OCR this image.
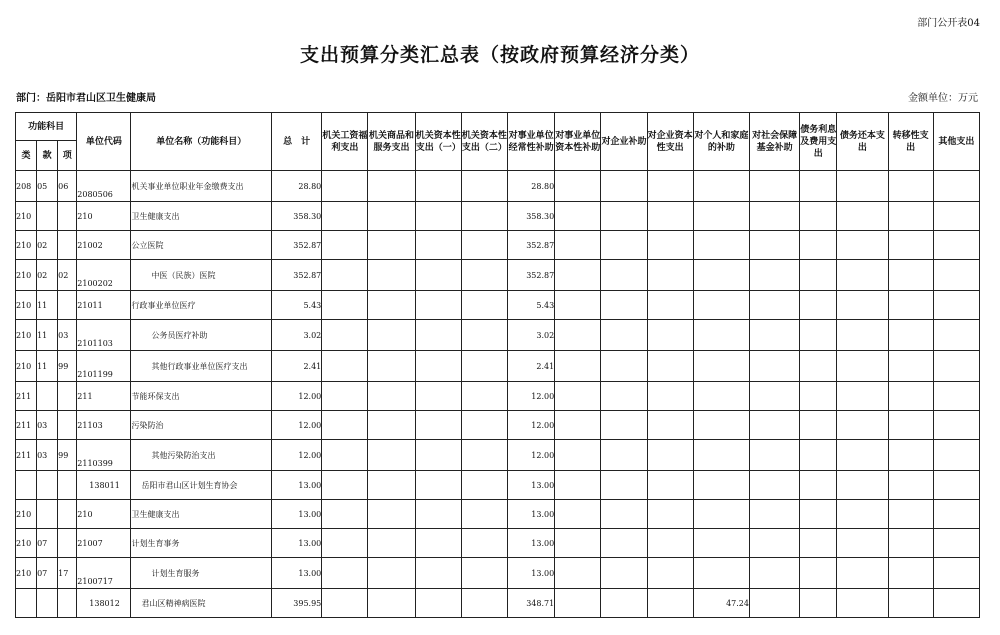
部门公开表04
支出预算分类汇总表（按政府预算经济分类）
部门：岳阳市君山区卫生健康局	金额单位：万元
功能科目			单位代码	单位名称（功能科目）	总　计	机关工资福利支出	机关商品和服务支出	机关资本性支出（一）	机关资本性支出（二）	对事业单位经常性补助	对事业单位资本性补助	对企业补助	对企业资本性支出	对个人和家庭的补助	对社会保障基金补助	债务利息及费用支出	债务还本支出	转移性支出	其他支出
类	款	项																	
208	05	06	2080506	机关事业单位职业年金缴费支出	28.80					28.80									
210			210	卫生健康支出	358.30					358.30									
210	02		21002	公立医院	352.87					352.87									
210	02	02	2100202	中医（民族）医院	352.87					352.87									
210	11		21011	行政事业单位医疗	5.43					5.43									
210	11	03	2101103	公务员医疗补助	3.02					3.02									
210	11	99	2101199	其他行政事业单位医疗支出	2.41					2.41									
211			211	节能环保支出	12.00					12.00									
211	03		21103	污染防治	12.00					12.00									
211	03	99	2110399	其他污染防治支出	12.00					12.00									
			138011	岳阳市君山区计划生育协会	13.00					13.00									
210			210	卫生健康支出	13.00					13.00									
210	07		21007	计划生育事务	13.00					13.00									
210	07	17	2100717	计划生育服务	13.00					13.00									
			138012	君山区精神病医院	395.95					348.71				47.24					
